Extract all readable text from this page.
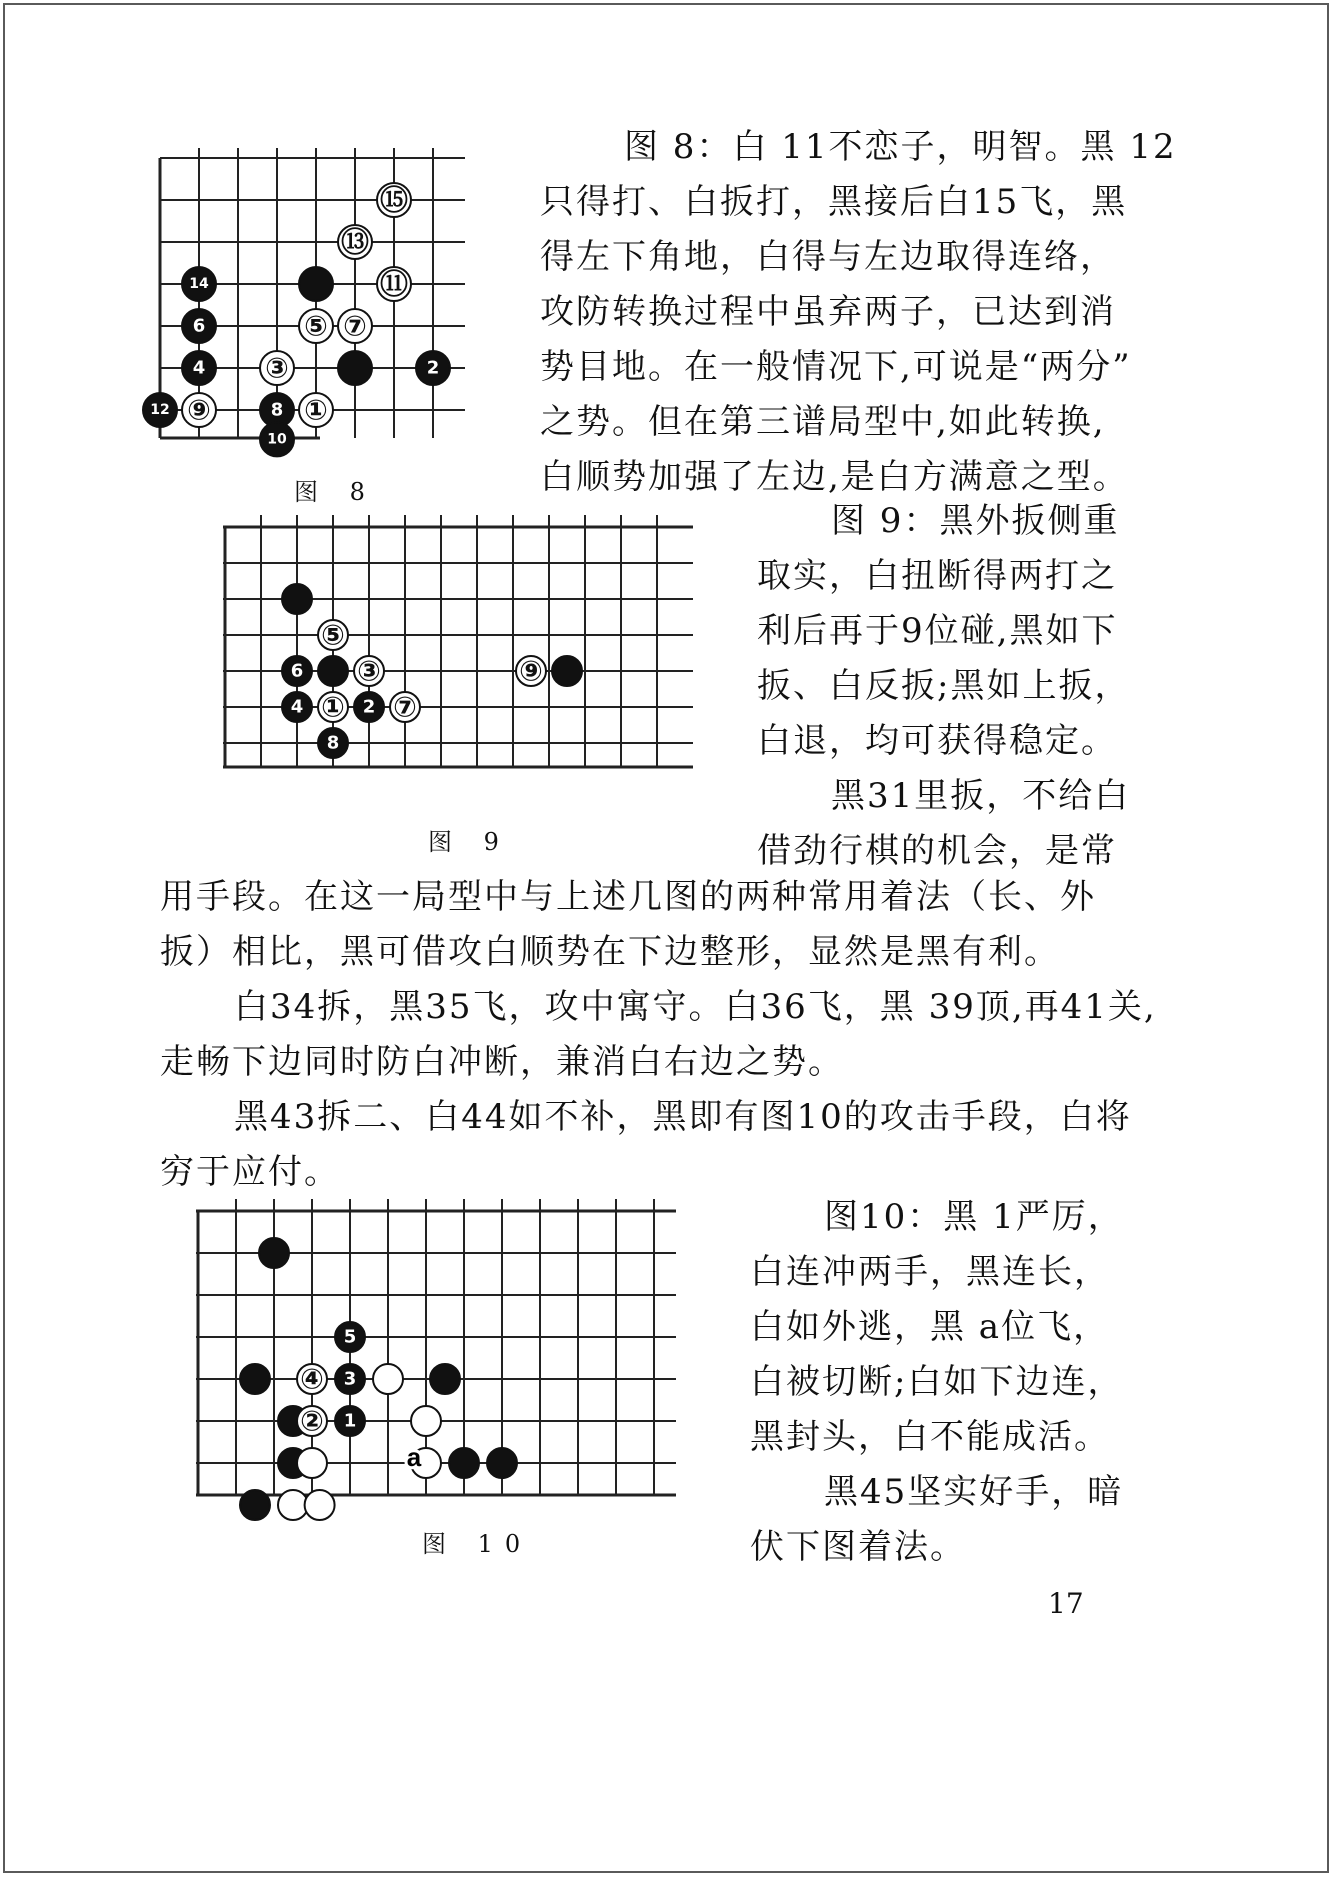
⑮
⑬
14	⑪
6	⑤ ⑦
4 ③	2
12 ⑨	8 ①
10
图 8
⑤
6 ③	⑨
4 ① 2 ⑦
8
图 9
5
④ 3
② 1
a
图 10

图 8：白 11不恋子，明智。黑 12

只得打、白扳打，黑接后白15飞，黑

得左下角地，白得与左边取得连络，

攻防转换过程中虽弃两子，已达到消

势目地。在一般情况下,可说是“两分”

之势。但在第三谱局型中,如此转换,

白顺势加强了左边,是白方满意之型。

图 9：黑外扳侧重

取实，白扭断得两打之

利后再于9位碰,黑如下

扳、白反扳;黑如上扳，

白退，均可获得稳定。

黑31里扳，不给白

借劲行棋的机会，是常

用手段。在这一局型中与上述几图的两种常用着法（长、外

扳）相比，黑可借攻白顺势在下边整形，显然是黑有利。

白34拆，黑35飞，攻中寓守。白36飞，黑 39顶,再41关,

走畅下边同时防白冲断，兼消白右边之势。

黑43拆二、白44如不补，黑即有图10的攻击手段，白将

穷于应付。

图10：黑 1严厉，

白连冲两手，黑连长，

白如外逃，黑 a位飞，

白被切断;白如下边连，

黑封头，白不能成活。

黑45坚实好手，暗

伏下图着法。

17
